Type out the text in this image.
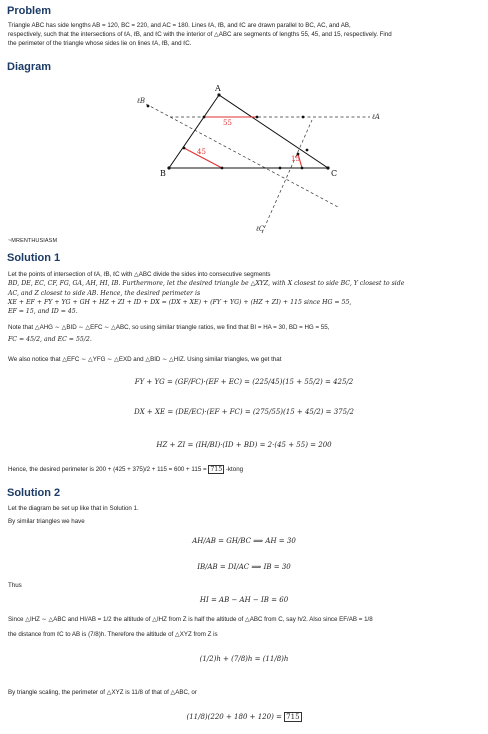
Problem
Triangle ABC has side lengths AB = 120, BC = 220, and AC = 180. Lines ℓA, ℓB, and ℓC are drawn parallel to BC, AC, and AB,
respectively, such that the intersections of ℓA, ℓB, and ℓC with the interior of △ABC are segments of lengths 55, 45, and 15, respectively. Find
the perimeter of the triangle whose sides lie on lines ℓA, ℓB, and ℓC.
Diagram
A
B	C
ℓA
ℓB
ℓC
55
45
15
~MRENTHUSIASM
Solution 1
Let the points of intersection of ℓA, ℓB, ℓC with △ABC divide the sides into consecutive segments
BD, DE, EC, CF, FG, GA, AH, HI, IB. Furthermore, let the desired triangle be △XYZ, with X closest to side BC, Y closest to side
AC, and Z closest to side AB. Hence, the desired perimeter is
XE + EF + FY + YG + GH + HZ + ZI + ID + DX = (DX + XE) + (FY + YG) + (HZ + ZI) + 115 since HG = 55,
EF = 15, and ID = 45.
Note that △AHG ∼ △BID ∼ △EFC ∼ △ABC, so using similar triangle ratios, we find that BI = HA = 30, BD = HG = 55,
FC = 45/2, and EC = 55/2.
We also notice that △EFC ∼ △YFG ∼ △EXD and △BID ∼ △HIZ. Using similar triangles, we get that
FY + YG = (GF/FC)·(EF + EC) = (225/45)(15 + 55/2) = 425/2
DX + XE = (DE/EC)·(EF + FC) = (275/55)(15 + 45/2) = 375/2
HZ + ZI = (IH/BI)·(ID + BD) = 2·(45 + 55) = 200
Hence, the desired perimeter is 200 + (425 + 375)/2 + 115 = 600 + 115 = 715 -ktong
Solution 2
Let the diagram be set up like that in Solution 1.
By similar triangles we have
AH/AB = GH/BC ⟹ AH = 30
IB/AB = DI/AC ⟹ IB = 30
Thus
HI = AB − AH − IB = 60
Since △IHZ ∼ △ABC and HI/AB = 1/2 the altitude of △IHZ from Z is half the altitude of △ABC from C, say h/2. Also since EF/AB = 1/8
the distance from ℓC to AB is (7/8)h. Therefore the altitude of △XYZ from Z is
(1/2)h + (7/8)h = (11/8)h
By triangle scaling, the perimeter of △XYZ is 11/8 of that of △ABC, or
(11/8)(220 + 180 + 120) = 715
